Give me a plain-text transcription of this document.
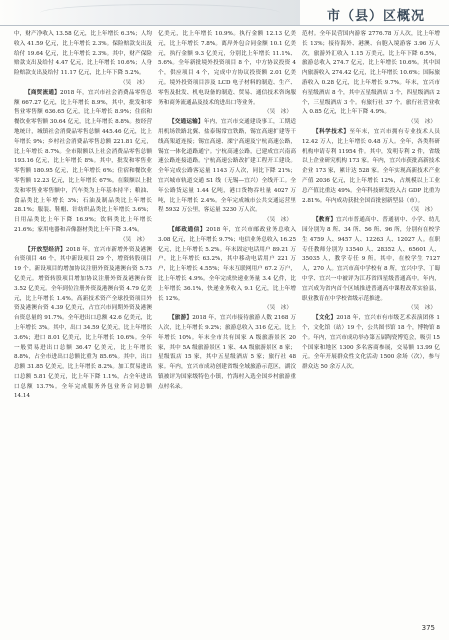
市（县）区概况

中，财产净收入 13.58 亿元，比上年增长 6.3%；人均收入 41.59 亿元，比上年增长 2.3%。保险赔款支出及给付 19.64 亿元，比上年增长 2.3%。其中，财产保险赔款支出及给付 4.47 亿元，比上年增长 10.6%；人身险赔款支出及给付 11.17 亿元，比上年下降 5.2%。

（吴　冰）

【商贸流通】2018 年，宜兴市社会消费品零售总额 667.27 亿元，比上年增长 8.9%，其中，批发和零售业零售额 636.65 亿元，比上年增长 8.9%；住宿和餐饮业零售额 30.64 亿元，比上年增长 8.8%。按经营地统计，城镇社会消费品零售总额 445.46 亿元，比上年增长 9%；乡村社会消费品零售总额 221.81 亿元，比上年增长 8.7%。全市限额以上社会消费品零售总额 193.16 亿元，比上年增长 8%。其中，批发和零售业零售额 180.95 亿元，比上年增长 6%；住宿和餐饮业零售额 12.23 亿元，比上年增长 67%。在限额以上批发和零售业零售额中，汽车类为上年基本持平；粮油、食品类比上年增长 3%；石油及制品类比上年增长 28.1%；服装、鞋帽、针纺织品类比上年增长 3.6%；日用品类比上年下降 16.9%；饮料类比上年增长 21.6%；家用电器和音像器材类比上年下降 3.4%。

（吴　冰）

【开放型经济】2018 年，宜兴市新增外资及港澳台资项目 46 个，其中新设项目 29 个，增资转股项目 19 个。新设项目的增加协议注册外资及港澳台资 5.73 亿美元。增资转股项目增加协议注册外资及港澳台资 3.52 亿美元。全年到位注册外资及港澳台资 4.79 亿美元，比上年增长 1.4%。高新技术资产全球投资项目外资及港澳台资 4.39 亿美元，占宜兴市同期外资及港澳台资总量的 91.7%。全年进出口总额 42.6 亿美元，比上年增长 3%。其中，出口 34.59 亿美元，比上年增长 3.6%；进口 8.01 亿美元，比上年增长 10.6%。全年一般贸易进出口总额 36.47 亿美元，比上年增长 8.8%，占全市进出口总额比重为 85.6%。其中，出口总额 31.85 亿美元，比上年增长 8.2%。加工贸易进出口总额 5.81 亿美元，比上年下降 1.1%，占全年进出口总额 13.7%。全年完成服务外包业务合同总额 14.14

亿美元，比上年增长 10.9%。执行金额 12.13 亿美元，比上年增长 7.8%。离岸外包合同金额 10.1 亿美元，执行金额 9.3 亿美元，分别比上年增长 11.1%、5.6%。全年新批境外投资项目 8 个，中方协议投资 4 个，供应项目 4 个，完成中方协议投资额 2.01 亿美元。境外投资项目涉及 LCD 电子材料的制造、生产、零售及批发、机电设备的制造、贸易、通信技术咨询服务和商务流通品及技术的进出口等业务。

（吴　冰）

【交通运输】年内，宜兴市交通建设事工，工期适用机场铁路北翼、盐泰锡常宜铁路，锡宜高速扩建等干线高架道连接；锡宜高速、溧宁高速及宁杭高速公路，锡宜一体化道路通宁。宁杭高速公路，已建成宜兴南高速公路连接道路。宁杭高速公路改扩建工程开工建设。全年完成公路客运量 1143 万人次，同比下降 21%；宜兴城市轨道交通 S1 线（无锡—宜兴）全线开工。全年公路货运量 1.44 亿吨，港口货物吞吐量 4027 万吨，比上年增长 2.4%。全年完成城市公共交通运营里程 5932 万公里，客运量 3230 万人次。

（吴　冰）

【邮政通信】2018 年，宜兴市邮政业务总收入 3.08 亿元，比上年增长 9.7%；电信业务总收入 16.25 亿元，比上年增长 5.2%。年末固定电话用户 89.21 万户，比上年增长 63.2%，其中移动电话用户 221 万户，比上年增长 4.55%；年末互联网用户 67.2 万户，比上年增长 4.9%。全年完成快递业务量 3.4 亿件，比上年增长 36.1%，快递业务收入 9.1 亿元，比上年增长 12%。

（吴　冰）

【旅游】2018 年，宜兴市接待旅游人数 2168 万人次，比上年增长 9.2%；旅游总收入 316 亿元，比上年增长 10%。年末全市共有国家 A 级旅游景区 20 家，其中 5A 级旅游景区 1 家、4A 级旅游景区 8 家；星级饭店 15 家，其中五星级酒店 5 家；旅行社 48 家。年内，宜兴市成功创建省级全域旅游示范区，湖㳇镇被评为国家级特色小镇，竹海村入选全国乡村旅游重点村名录。

范村。全年民营国内游客 2776.78 万人次，比上年增长 13%；接待海外、港澳、台胞入境游客 3.96 万人次，旅游外汇收入 1.15 万美元，比上年下降 6.5%，旅游总收入 274.7 亿元，比上年增长 10.6%。其中国内旅游收入 274.42 亿元，比上年增长 10.6%；国际旅游收入 0.28 亿元，比上年增长 9.7%。年末，宜兴市有星级酒店 8 个，其中五星级酒店 3 个，四星级酒店 2 个，三星级酒店 3 个。有旅行社 37 个。旅行社营业收入 0.85 亿元，比上年下降 4.9%。

（吴　冰）

【科学技术】至年末，宜兴市拥有专业技术人员 12.42 万人，比上年增长 0.48 万人。全年，各类科研机构申请专利 11954 件。其中，发明专利 2 件，省级以上企业研究机构 173 家。年内，宜兴市获批高新技术企业 173 家，累计达 528 家。全年实现高新技术产业产值 2036 亿元，比上年增长 12%，占规模以上工业总产值比重达 49%。全年科技研发投入占 GDP 比重为 2.81%。年内成功获批全国首批创新型县（市）。

（吴　冰）

【教育】宜兴市普通高中、普通初中、小学、幼儿园分别为 8 所、34 所、56 所、96 所，分别有在校学生 4759 人、9457 人、12263 人、12027 人。在职专任教师分别为 13540 人、28352 人、65601 人、35035 人，教学专任 9 所。其中，在校学生 7127 人，270 人。宜兴市高中学校有 8 所，宜兴中学、丁蜀中学、宜兴一中被评为江苏省四星级普通高中。年内，宜兴成为省内首个区域推进普通高中课程改革实验县，职业教育在中学校省级示范推进。

（吴　冰）

【文化】2018 年，宜兴市有市级艺术表演团体 1 个，文化馆（站）19 个，公共图书馆 18 个，博物馆 8 个。年内，宜兴市成功举办第五届陶瓷博览会，吸引 15 个国家和地区 1300 多名客商参展，交易额 13.99 亿元。全年开展群众性文化活动 1500 余场（次），参与群众达 50 余万人次。

375
